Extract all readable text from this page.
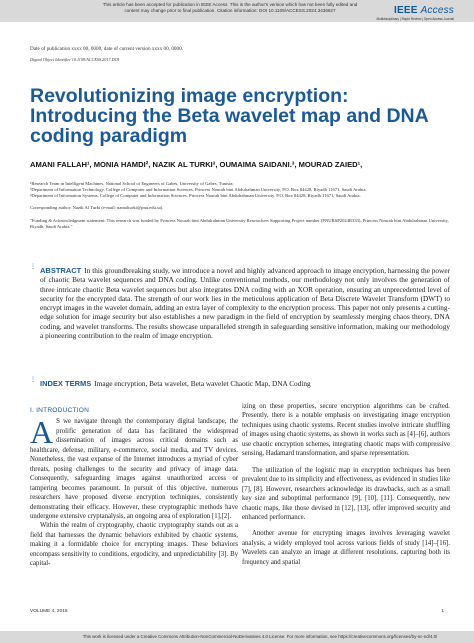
This article has been accepted for publication in IEEE Access. This is the author's version which has not been fully edited and
content may change prior to final publication. Citation information: DOI 10.1109/ACCESS.2024.3436627	IEEE Access
Multidisciplinary | Rapid Review | Open Access Journal
Date of publication xxxx 00, 0000, date of current version xxxx 00, 0000.
Digital Object Identifier 10.1109/ACCESS.2017.DOI
Revolutionizing image encryption: Introducing the Beta wavelet map and DNA coding paradigm
AMANI FALLAH¹, MONIA HAMDI², NAZIK AL TURKI³, OUMAIMA SAIDANI.³, MOURAD ZAIED¹,

¹Research Team in Intelligent Machines, National School of Engineers of Gabes, University of Gabes, Tunisia;

²Department of Information Technology, College of Computer and Information Sciences, Princess Nourah bint Abdulrahman University, P.O. Box 84428, Riyadh 11671, Saudi Arabia

³Department of Information Systems, College of Computer and Information Sciences, Princess Nourah bint Abdulrahman University, P.O. Box 84428, Riyadh 11671, Saudi Arabia.

Corresponding author: Nazik Al Turki (e-mail: namalturki@pnu.edu.sa).

"Funding & Acknowledgment statement: This research was funded by Princess Nourah bint Abdulrahman University Researchers Supporting Project number (PNURSP2024R333), Princess Nourah bint Abdulrahman University, Riyadh, Saudi Arabia."

⋮ ABSTRACT In this groundbreaking study, we introduce a novel and highly advanced approach to image encryption, harnessing the power of chaotic Beta wavelet sequences and DNA coding. Unlike conventional methods, our methodology not only involves the generation of three intricate chaotic Beta wavelet sequences but also integrates DNA coding with an XOR operation, ensuring an unprecedented level of security for the encrypted data. The strength of our work lies in the meticulous application of Beta Discrete Wavelet Transform (DWT) to encrypt images in the wavelet domain, adding an extra layer of complexity to the encryption process. This paper not only presents a cutting-edge solution for image security but also establishes a new paradigm in the field of encryption by seamlessly merging chaos theory, DNA coding, and wavelet transforms. The results showcase unparalleled strength in safeguarding sensitive information, making our methodology a pioneering contribution to the realm of image encryption.
⋮ INDEX TERMS Image encryption, Beta wavelet, Beta wavelet Chaotic Map, DNA Coding
I. INTRODUCTION

A S we navigate through the contemporary digital landscape, the prolific generation of data has facilitated the widespread dissemination of images across critical domains such as healthcare, defense, military, e-commerce, social media, and TV devices. Nonetheless, the vast expanse of the Internet introduces a myriad of cyber threats, posing challenges to the security and privacy of image data. Consequently, safeguarding images against unauthorized access or tampering becomes paramount. In pursuit of this objective, numerous researchers have proposed diverse encryption techniques, consistently demonstrating their efficacy. However, these cryptographic methods have undergone extensive cryptanalysis, an ongoing area of exploration [1],[2].

Within the realm of cryptography, chaotic cryptography stands out as a field that harnesses the dynamic behaviors exhibited by chaotic systems, making it a formidable choice for encrypting images. These behaviors encompass sensitivity to conditions, ergodicity, and unpredictability [3]. By capital-

izing on these properties, secure encryption algorithms can be crafted. Presently, there is a notable emphasis on investigating image encryption techniques using chaotic systems. Recent studies involve intricate shuffling of images using chaotic systems, as shown in works such as [4]–[6], authors use chaotic encryption schemes, integrating chaotic maps with compressive sensing, Hadamard transformation, and sparse representation.

The utilization of the logistic map in encryption techniques has been prevalent due to its simplicity and effectiveness, as evidenced in studies like [7], [8]. However, researchers acknowledge its drawbacks, such as a small key size and suboptimal performance [9], [10], [11]. Consequently, new chaotic maps, like those devised in [12], [13], offer improved security and enhanced performance.

Another avenue for encrypting images involves leveraging wavelet analysis, a widely employed tool across various fields of study [14]–[16]. Wavelets can analyze an image at different resolutions, capturing both its frequency and spatial

VOLUME 4, 2016	1
This work is licensed under a Creative Commons Attribution-NonCommercial-NoDerivatives 4.0 License. For more information, see https://creativecommons.org/licenses/by-nc-nd/4.0/
